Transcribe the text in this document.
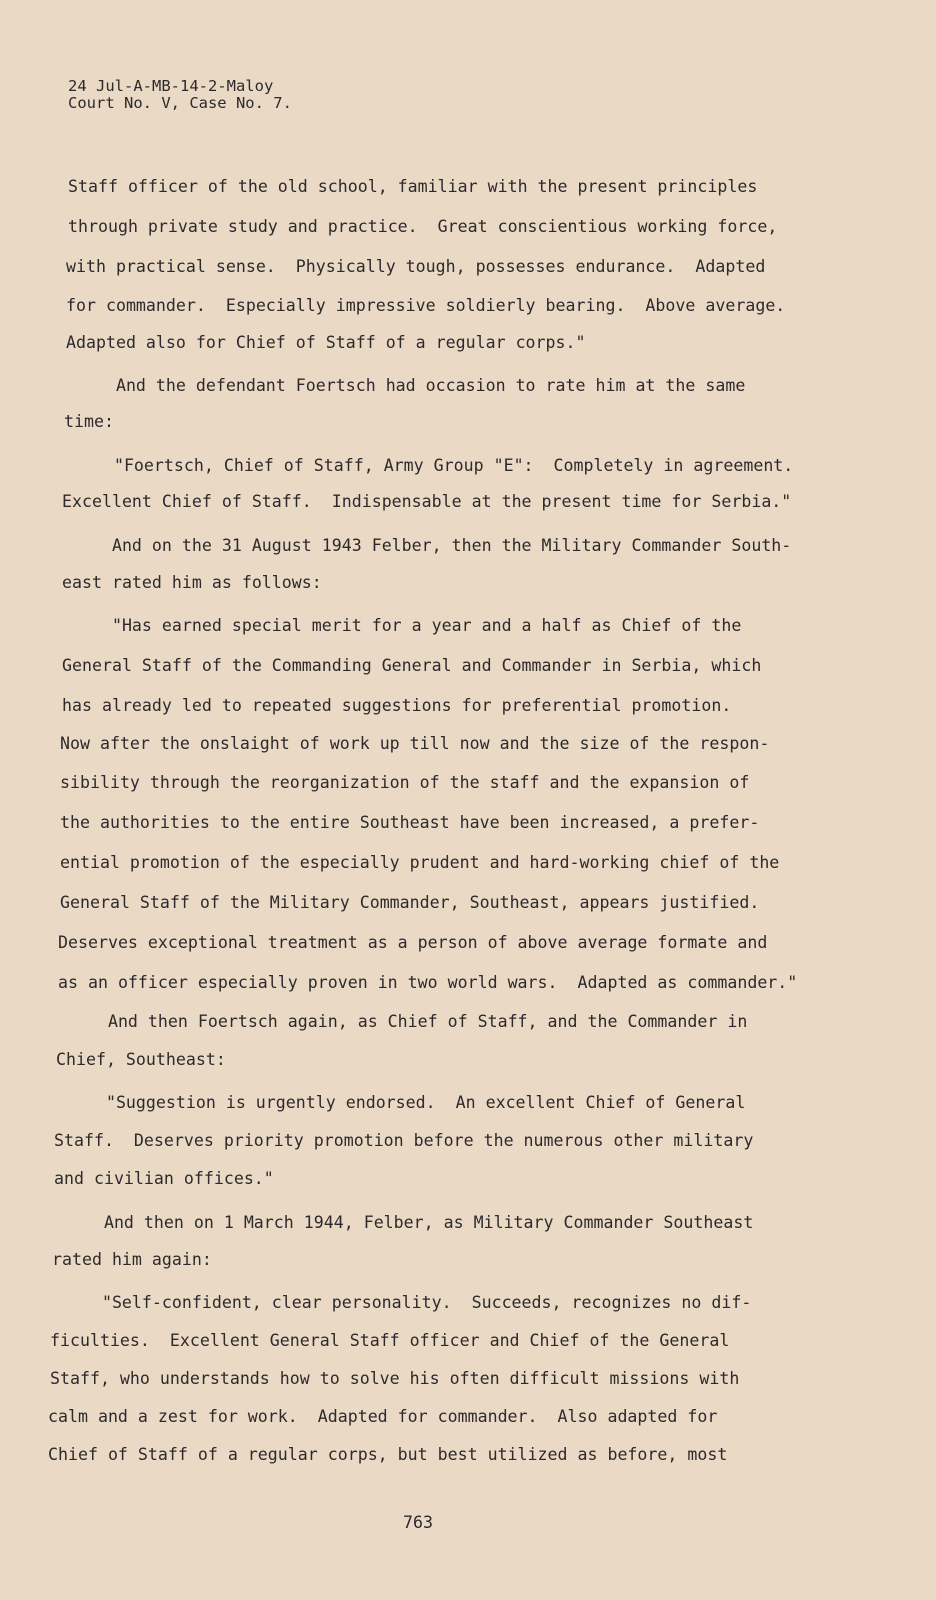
24 Jul-A-MB-14-2-Maloy
Court No. V, Case No. 7.
Staff officer of the old school, familiar with the present principles
through private study and practice.  Great conscientious working force,
with practical sense.  Physically tough, possesses endurance.  Adapted
for commander.  Especially impressive soldierly bearing.  Above average.
Adapted also for Chief of Staff of a regular corps."
And the defendant Foertsch had occasion to rate him at the same
time:
"Foertsch, Chief of Staff, Army Group "E":  Completely in agreement.
Excellent Chief of Staff.  Indispensable at the present time for Serbia."
And on the 31 August 1943 Felber, then the Military Commander South-
east rated him as follows:
"Has earned special merit for a year and a half as Chief of the
General Staff of the Commanding General and Commander in Serbia, which
has already led to repeated suggestions for preferential promotion.
Now after the onslaight of work up till now and the size of the respon-
sibility through the reorganization of the staff and the expansion of
the authorities to the entire Southeast have been increased, a prefer-
ential promotion of the especially prudent and hard-working chief of the
General Staff of the Military Commander, Southeast, appears justified.
Deserves exceptional treatment as a person of above average formate and
as an officer especially proven in two world wars.  Adapted as commander."
And then Foertsch again, as Chief of Staff, and the Commander in
Chief, Southeast:
"Suggestion is urgently endorsed.  An excellent Chief of General
Staff.  Deserves priority promotion before the numerous other military
and civilian offices."
And then on 1 March 1944, Felber, as Military Commander Southeast
rated him again:
"Self-confident, clear personality.  Succeeds, recognizes no dif-
ficulties.  Excellent General Staff officer and Chief of the General
Staff, who understands how to solve his often difficult missions with
calm and a zest for work.  Adapted for commander.  Also adapted for
Chief of Staff of a regular corps, but best utilized as before, most
763
